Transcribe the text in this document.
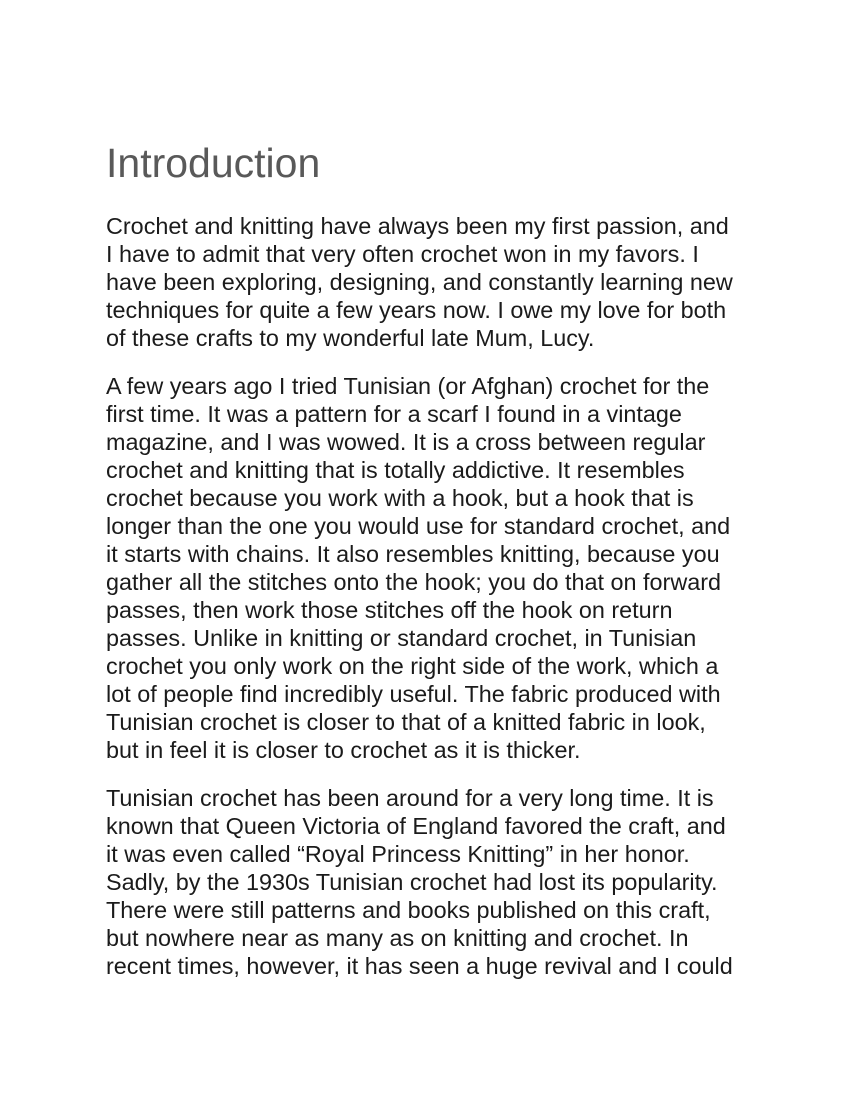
Introduction
Crochet and knitting have always been my first passion, and
I have to admit that very often crochet won in my favors. I
have been exploring, designing, and constantly learning new
techniques for quite a few years now. I owe my love for both
of these crafts to my wonderful late Mum, Lucy.
A few years ago I tried Tunisian (or Afghan) crochet for the
first time. It was a pattern for a scarf I found in a vintage
magazine, and I was wowed. It is a cross between regular
crochet and knitting that is totally addictive. It resembles
crochet because you work with a hook, but a hook that is
longer than the one you would use for standard crochet, and
it starts with chains. It also resembles knitting, because you
gather all the stitches onto the hook; you do that on forward
passes, then work those stitches off the hook on return
passes. Unlike in knitting or standard crochet, in Tunisian
crochet you only work on the right side of the work, which a
lot of people find incredibly useful. The fabric produced with
Tunisian crochet is closer to that of a knitted fabric in look,
but in feel it is closer to crochet as it is thicker.
Tunisian crochet has been around for a very long time. It is
known that Queen Victoria of England favored the craft, and
it was even called “Royal Princess Knitting” in her honor.
Sadly, by the 1930s Tunisian crochet had lost its popularity.
There were still patterns and books published on this craft,
but nowhere near as many as on knitting and crochet. In
recent times, however, it has seen a huge revival and I could
